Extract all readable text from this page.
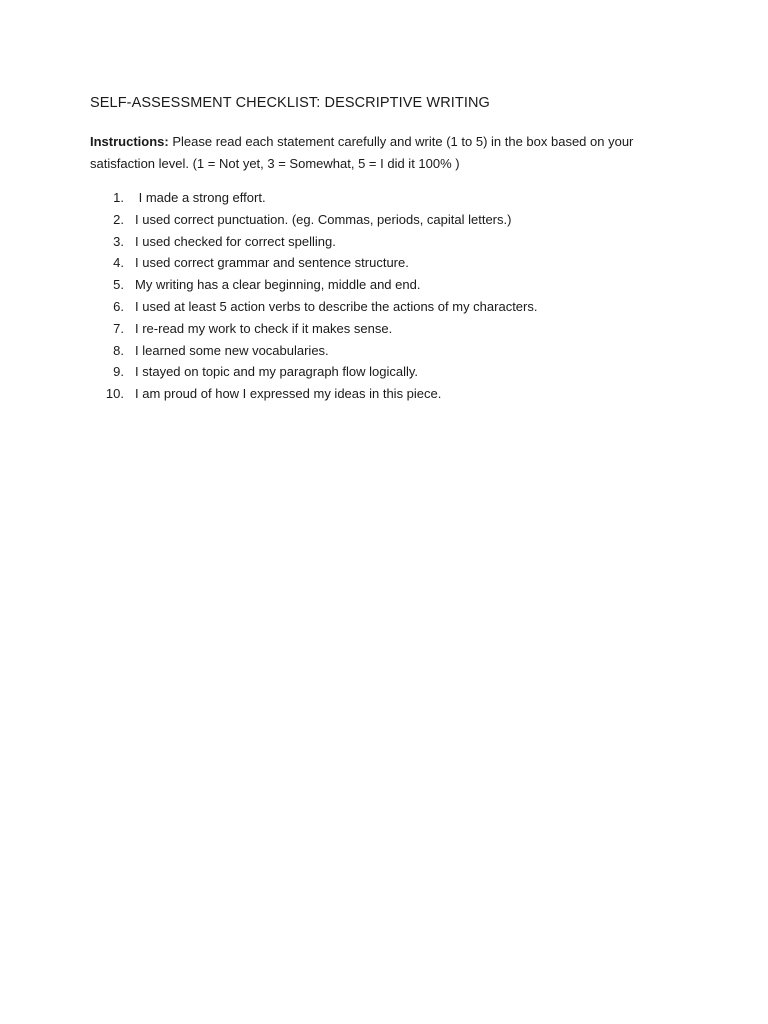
SELF-ASSESSMENT CHECKLIST: DESCRIPTIVE WRITING
Instructions: Please read each statement carefully and write (1 to 5) in the box based on your satisfaction level. (1 = Not yet, 3 = Somewhat, 5 = I did it 100% )
1. I made a strong effort.
2. I used correct punctuation. (eg. Commas, periods, capital letters.)
3. I used checked for correct spelling.
4. I used correct grammar and sentence structure.
5. My writing has a clear beginning, middle and end.
6. I used at least 5 action verbs to describe the actions of my characters.
7. I re-read my work to check if it makes sense.
8. I learned some new vocabularies.
9. I stayed on topic and my paragraph flow logically.
10. I am proud of how I expressed my ideas in this piece.
